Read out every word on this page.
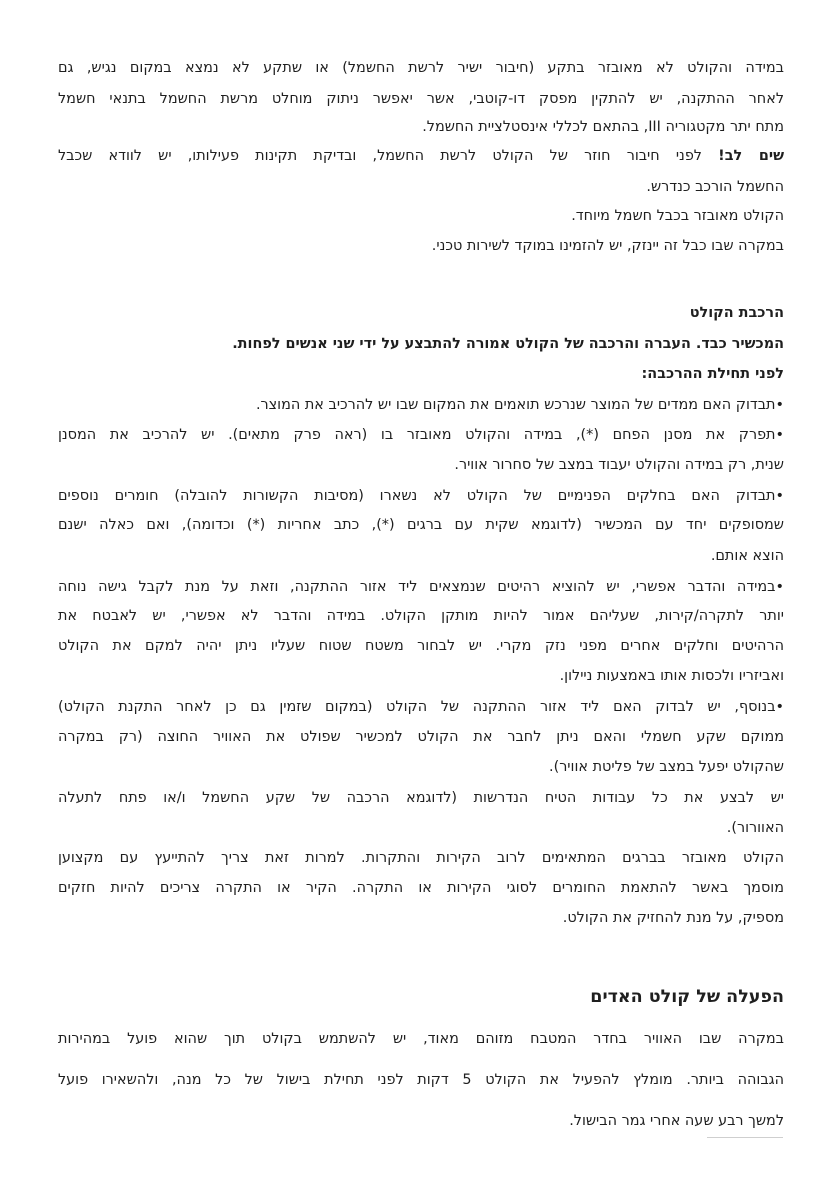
במידה והקולט לא מאובזר בתקע (חיבור ישיר לרשת החשמל) או שתקע לא נמצא במקום נגיש, גם
לאחר ההתקנה, יש להתקין מפסק דו-קוטבי, אשר יאפשר ניתוק מוחלט מרשת החשמל בתנאי חשמל
מתח יתר מקטגוריה III, בהתאם לכללי אינסטלציית החשמל.
שים לב! לפני חיבור חוזר של הקולט לרשת החשמל, ובדיקת תקינות פעילותו, יש לוודא שכבל
החשמל הורכב כנדרש.
הקולט מאובזר בכבל חשמל מיוחד.
במקרה שבו כבל זה יינזק, יש להזמינו במוקד לשירות טכני.
הרכבת הקולט
המכשיר כבד. העברה והרכבה של הקולט אמורה להתבצע על ידי שני אנשים לפחות.
לפני תחילת ההרכבה:
•תבדוק האם ממדים של המוצר שנרכש תואמים את המקום שבו יש להרכיב את המוצר.
•תפרק את מסנן הפחם (*), במידה והקולט מאובזר בו (ראה פרק מתאים). יש להרכיב את המסנן
שנית, רק במידה והקולט יעבוד במצב של סחרור אוויר.
•תבדוק האם בחלקים הפנימיים של הקולט לא נשארו (מסיבות הקשורות להובלה) חומרים נוספים
שמסופקים יחד עם המכשיר (לדוגמא שקית עם ברגים (*), כתב אחריות (*) וכדומה), ואם כאלה ישנם
הוצא אותם.
•במידה והדבר אפשרי, יש להוציא רהיטים שנמצאים ליד אזור ההתקנה, וזאת על מנת לקבל גישה נוחה
יותר לתקרה/קירות, שעליהם אמור להיות מותקן הקולט. במידה והדבר לא אפשרי, יש לאבטח את
הרהיטים וחלקים אחרים מפני נזק מקרי. יש לבחור משטח שטוח שעליו ניתן יהיה למקם את הקולט
ואביזריו ולכסות אותו באמצעות ניילון.
•בנוסף, יש לבדוק האם ליד אזור ההתקנה של הקולט (במקום שזמין גם כן לאחר התקנת הקולט)
ממוקם שקע חשמלי והאם ניתן לחבר את הקולט למכשיר שפולט את האוויר החוצה (רק במקרה
שהקולט יפעל במצב של פליטת אוויר).
יש לבצע את כל עבודות הטיח הנדרשות (לדוגמא הרכבה של שקע החשמל ו/או פתח לתעלה
האוורור).
הקולט מאובזר בברגים המתאימים לרוב הקירות והתקרות. למרות זאת צריך להתייעץ עם מקצוען
מוסמך באשר להתאמת החומרים לסוגי הקירות או התקרה. הקיר או התקרה צריכים להיות חזקים
מספיק, על מנת להחזיק את הקולט.
הפעלה של קולט האדים
במקרה שבו האוויר בחדר המטבח מזוהם מאוד, יש להשתמש בקולט תוך שהוא פועל במהירות
הגבוהה ביותר. מומלץ להפעיל את הקולט 5 דקות לפני תחילת בישול של כל מנה, ולהשאירו פועל
למשך רבע שעה אחרי גמר הבישול.
